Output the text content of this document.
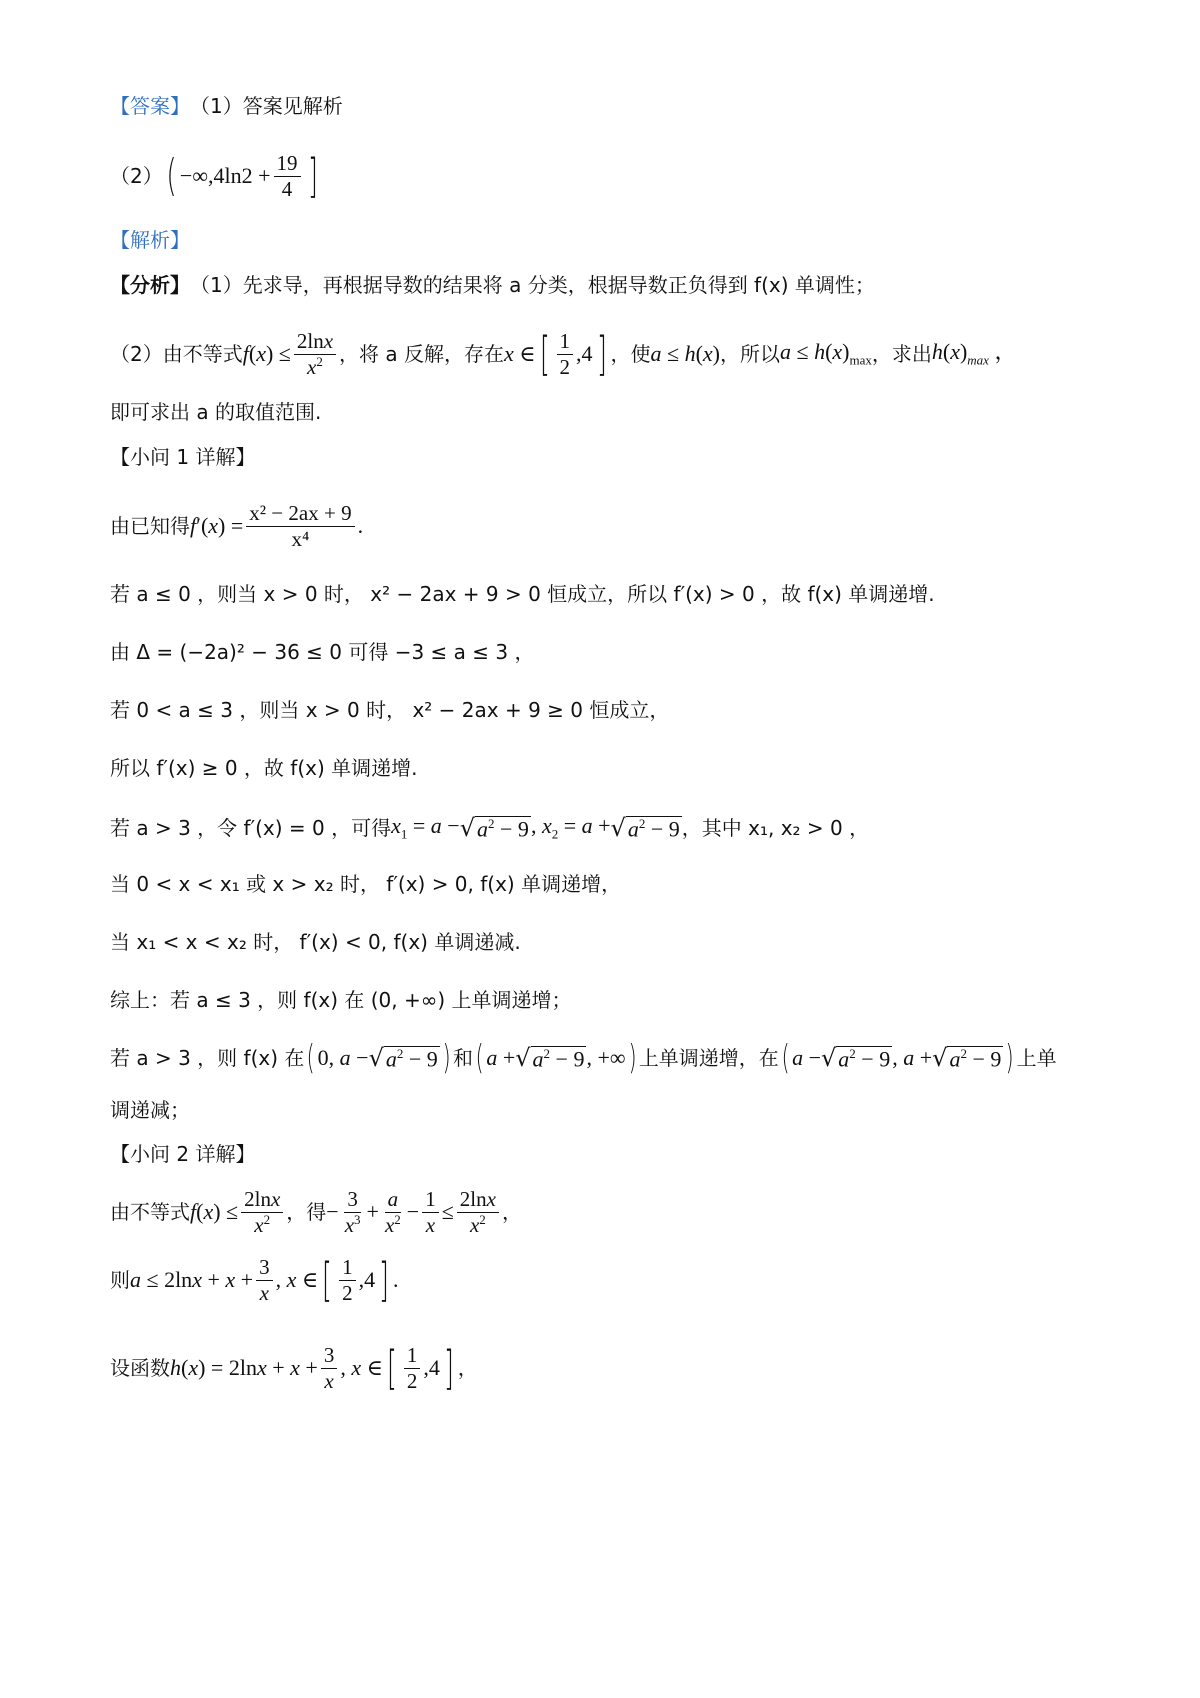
【答案】 （1）答案见解析
（2） ( $-\infty,4\ln 2 + \frac{19}{4}$ ]
【解析】
【分析】 （1）先求导，再根据导数的结果将 a 分类，根据导数正负得到 f(x) 单调性；
（2）由不等式 $f(x) \le \frac{2\ln x}{x^2}$ ，将 a 反解，存在 x ∈ [ $\frac{1}{2} ,4$ ] ，使 a ≤ h(x) ，所以 $a \le h(x)_{max}$ ，求出 $h(x)_{max}$ ，
即可求出 a 的取值范围.
【小问 1 详解】
由已知得 $f'(x) = \frac{\text{x² − 2ax + 9}}{\text{x⁴}}$ .
若 a ≤ 0 ，则当 x > 0 时， x² − 2ax + 9 > 0 恒成立，所以 f′(x) > 0 ，故 f(x) 单调递增.
由 Δ = (−2a)² − 36 ≤ 0 可得 −3 ≤ a ≤ 3 ，
若 0 < a ≤ 3 ，则当 x > 0 时， x² − 2ax + 9 ≥ 0 恒成立，
所以 f′(x) ≥ 0 ，故 f(x) 单调递增.
若 a > 3 ，令 f′(x) = 0 ，可得 $x_1 = a$ − √ $a^2 - 9$ , $x_2 = a$ + √ $a^2 - 9$ ，其中 x₁, x₂ > 0 ，
当 0 < x < x₁ 或 x > x₂ 时， f′(x) > 0, f(x) 单调递增，
当 x₁ < x < x₂ 时， f′(x) < 0, f(x) 单调递减.
综上：若 a ≤ 3 ，则 f(x) 在 (0, +∞) 上单调递增；
若 a > 3 ，则 f(x) 在 ( 0, a − √ $a^2 - 9$ ) 和 ( a + √ $a^2 - 9$ , +∞ ) 上单调递增，在 ( a − √ $a^2 - 9$ , a + √ $a^2 - 9$ ) 上单
调递减；
【小问 2 详解】
由不等式 $f(x) \le \frac{2\ln x}{x^2}$ ，得 − $\frac{3}{x^3} + \frac{a}{x^2} - \frac{1}{x} \le \frac{2\ln x}{x^2}$ ，
则 $a \le 2\ln x + x + \frac{3}{x}$ , x ∈ [ $\frac{1}{2} ,4$ ] .
设函数 $h(x) = 2\ln x + x + \frac{3}{x}$ , x ∈ [ $\frac{1}{2} ,4$ ] ，
